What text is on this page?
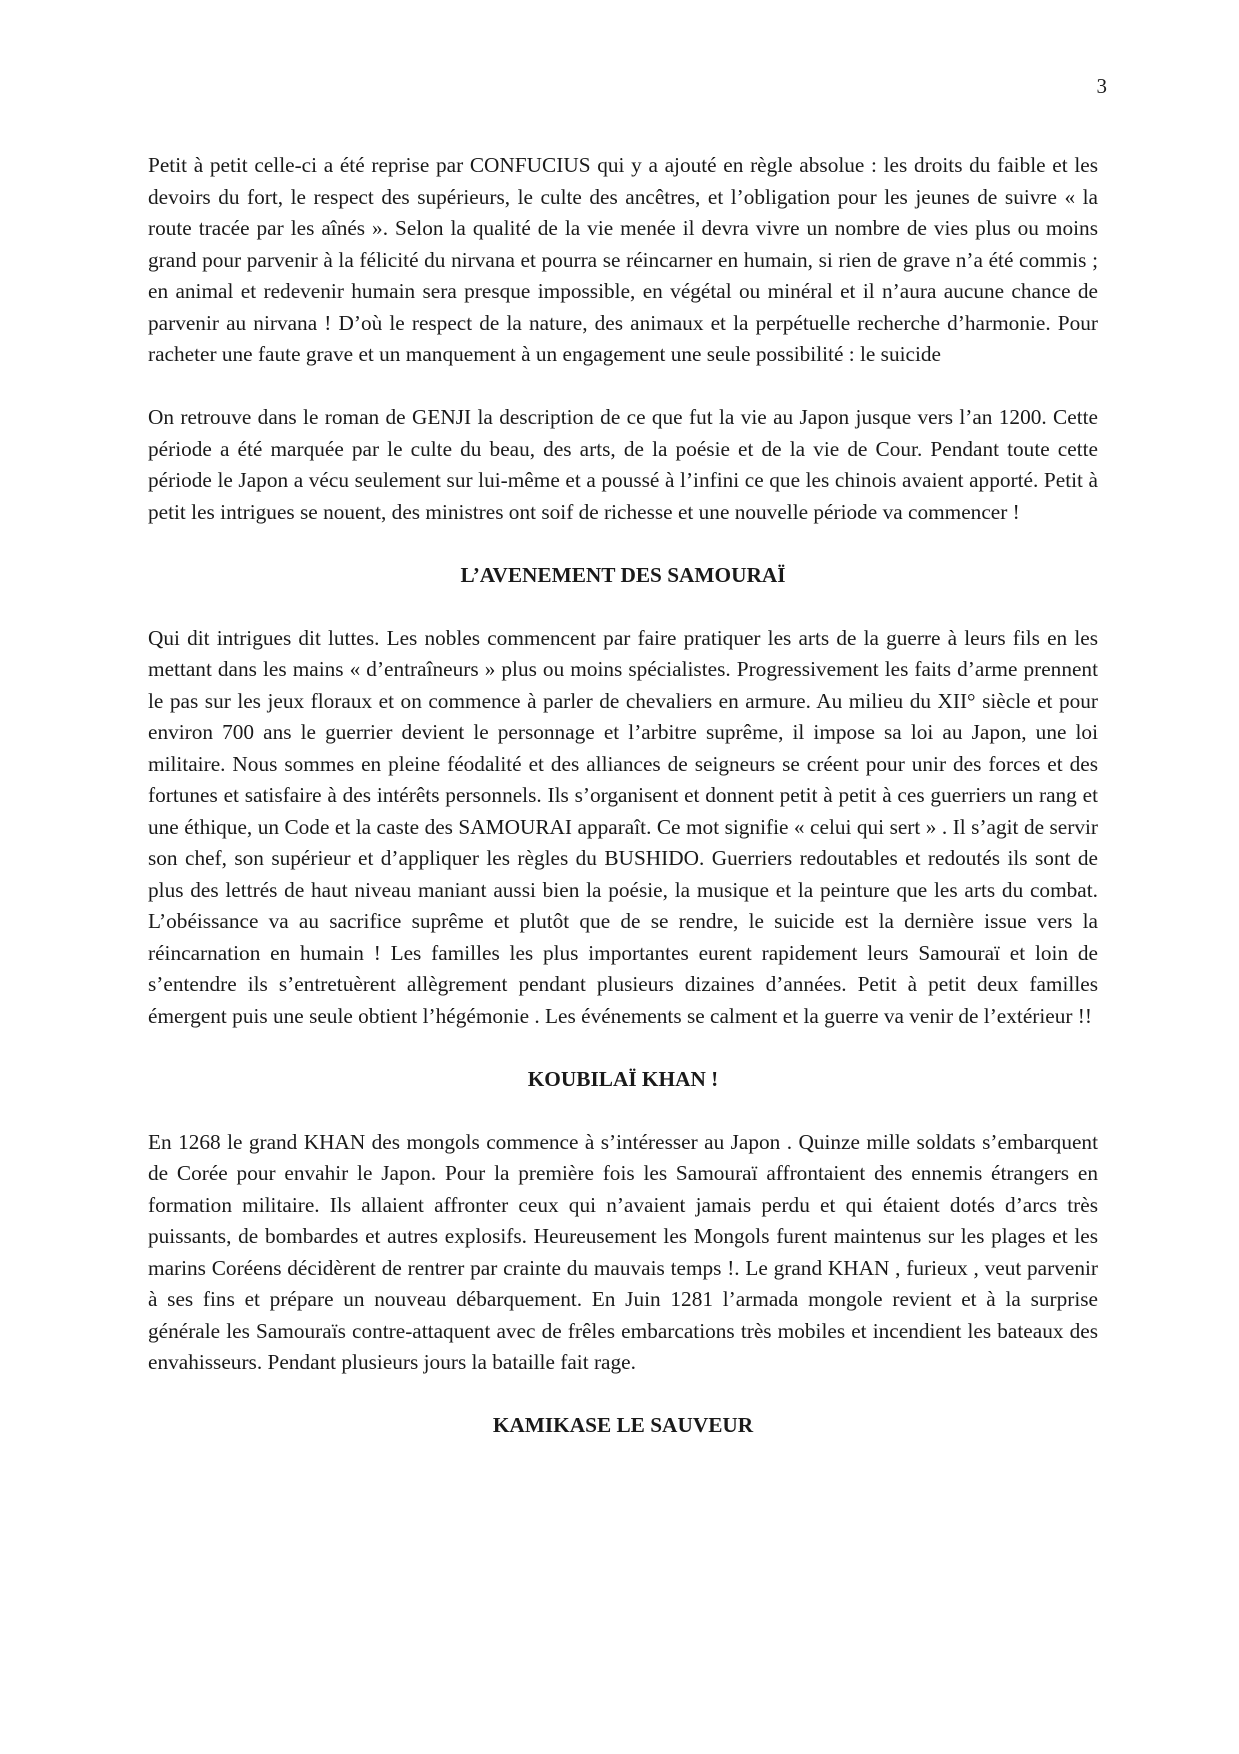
3

Petit à petit celle-ci a été reprise par CONFUCIUS qui y a ajouté en règle absolue : les droits du faible et les devoirs du fort, le respect des supérieurs, le culte des ancêtres, et l’obligation pour les jeunes de suivre « la route tracée par les aînés ». Selon la qualité de la vie menée il devra vivre un nombre de vies plus ou moins grand pour parvenir à la félicité du nirvana et pourra se réincarner en humain, si rien de grave n’a été commis ; en animal et redevenir humain sera presque impossible, en végétal ou minéral et il n’aura aucune chance de parvenir au nirvana ! D’où le respect de la nature, des animaux et la perpétuelle recherche d’harmonie. Pour racheter une faute grave et un manquement à un engagement une seule possibilité : le suicide

On retrouve dans le roman de GENJI la description de ce que fut la vie au Japon jusque vers l’an 1200. Cette période a été marquée par le culte du beau, des arts, de la poésie et de la vie de Cour. Pendant toute cette période le Japon a vécu seulement sur lui-même et a poussé à l’infini ce que les chinois avaient apporté. Petit à petit les intrigues se nouent, des ministres ont soif de richesse et une nouvelle période va commencer !

L’AVENEMENT DES SAMOURAÏ

Qui dit intrigues dit luttes. Les nobles commencent par faire pratiquer les arts de la guerre à leurs fils en les mettant dans les mains « d’entraîneurs » plus ou moins spécialistes. Progressivement les faits d’arme prennent le pas sur les jeux floraux et on commence à parler de chevaliers en armure. Au milieu du XII° siècle et pour environ 700 ans le guerrier devient le personnage et l’arbitre suprême, il impose sa loi au Japon, une loi militaire. Nous sommes en pleine féodalité et des alliances de seigneurs se créent pour unir des forces et des fortunes et satisfaire à des intérêts personnels. Ils s’organisent et donnent petit à petit à ces guerriers un rang et une éthique, un Code et la caste des SAMOURAI apparaît. Ce mot signifie « celui qui sert » . Il s’agit de servir son chef, son supérieur et d’appliquer les règles du BUSHIDO. Guerriers redoutables et redoutés ils sont de plus des lettrés de haut niveau maniant aussi bien la poésie, la musique et la peinture que les arts du combat. L’obéissance va au sacrifice suprême et plutôt que de se rendre, le suicide est la dernière issue vers la réincarnation en humain ! Les familles les plus importantes eurent rapidement leurs Samouraï et loin de s’entendre ils s’entretuèrent allègrement pendant plusieurs dizaines d’années. Petit à petit deux familles émergent puis une seule obtient l’hégémonie . Les événements se calment et la guerre va venir de l’extérieur !!

KOUBILAÏ KHAN !

En 1268 le grand KHAN des mongols commence à s’intéresser au Japon . Quinze mille soldats s’embarquent de Corée pour envahir le Japon. Pour la première fois les Samouraï affrontaient des ennemis étrangers en formation militaire. Ils allaient affronter ceux qui n’avaient jamais perdu et qui étaient dotés d’arcs très puissants, de bombardes et autres explosifs. Heureusement les Mongols furent maintenus sur les plages et les marins Coréens décidèrent de rentrer par crainte du mauvais temps !. Le grand KHAN , furieux , veut parvenir à ses fins et prépare un nouveau débarquement. En Juin 1281 l’armada mongole revient et à la surprise générale les Samouraïs contre-attaquent avec de frêles embarcations très mobiles et incendient les bateaux des envahisseurs. Pendant plusieurs jours la bataille fait rage.

KAMIKASE LE SAUVEUR
